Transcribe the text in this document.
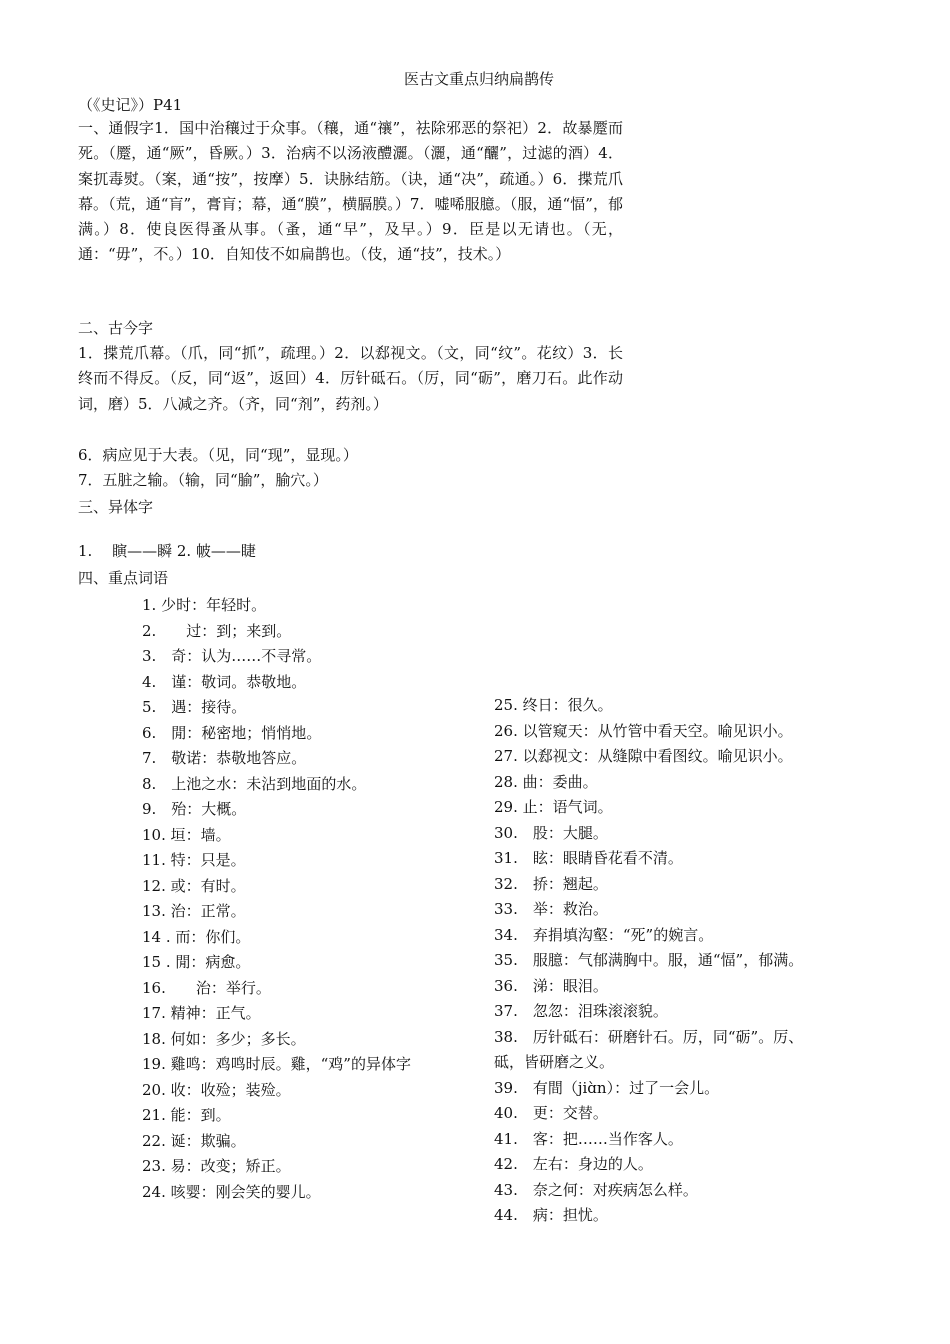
医古文重点归纳扁鹊传
（《史记》）P41
一、通假字1．国中治穰过于众事。（穰，通“禳”，祛除邪恶的祭祀）2．故暴蹷而死。（蹷，通“厥”，昏厥。）3．治病不以汤液醴灑。（灑，通“釃”，过滤的酒）4．案扤毒熨。（案，通“按”，按摩）5．诀脉结筋。（诀，通“决”，疏通。）6．揲荒爪幕。（荒，通“肓”，膏肓；幕，通“膜”，横膈膜。）7．嘘唏服臆。（服，通“愊”，郁满。）8．使良医得蚤从事。（蚤，通“早”，及早。）9．臣是以无请也。（无，通：“毋”，不。）10．自知伎不如扁鹊也。（伎，通“技”，技术。）
二、古今字
1．揲荒爪幕。（爪，同“抓”，疏理。）2．以郄视文。（文，同“纹”。花纹）3．长终而不得反。（反，同“返”，返回）4．厉针砥石。（厉，同“砺”，磨刀石。此作动词，磨）5．八减之齐。（齐，同“剂”，药剂。）
6．病应见于大表。（见，同“现”，显现。）
7．五脏之输。（输，同“腧”，腧穴。）
三、异体字
1.　 瞚——瞬 2. 帔——睫
四、重点词语
1. 少时：年轻时。
2.　　过：到；来到。
3.　奇：认为……不寻常。
4.　谨：敬词。恭敬地。
5.　遇：接待。
6.　閒：秘密地；悄悄地。
7.　敬诺：恭敬地答应。
8.　上池之水：未沾到地面的水。
9.　殆：大概。
10. 垣：墙。
11. 特：只是。
12. 或：有时。
13. 治：正常。
14 . 而：你们。
15 . 閒：病愈。
16.　　治：举行。
17. 精神：正气。
18. 何如：多少；多长。
19. 雞鸣：鸡鸣时辰。雞，“鸡”的异体字
20. 收：收殓；装殓。
21. 能：到。
22. 诞：欺骗。
23. 易：改变；矫正。
24. 咳婴：刚会笑的婴儿。
25. 终日：很久。
26. 以管窥天：从竹管中看天空。喻见识小。
27. 以郄视文：从缝隙中看图纹。喻见识小。
28. 曲：委曲。
29. 止：语气词。
30.　股：大腿。
31.　眩：眼睛昏花看不清。
32.　挢：翘起。
33.　举：救治。
34.　弃捐填沟壑：“死”的婉言。
35.　服臆：气郁满胸中。服，通“愊”，郁满。
36.　涕：眼泪。
37.　忽忽：泪珠滚滚貌。
38.　厉针砥石：研磨针石。厉，同“砺”。厉、砥，皆研磨之义。
39.　有間（jiɑ̀n）：过了一会儿。
40.　更：交替。
41.　客：把……当作客人。
42.　左右：身边的人。
43.　奈之何：对疾病怎么样。
44.　病：担忧。
